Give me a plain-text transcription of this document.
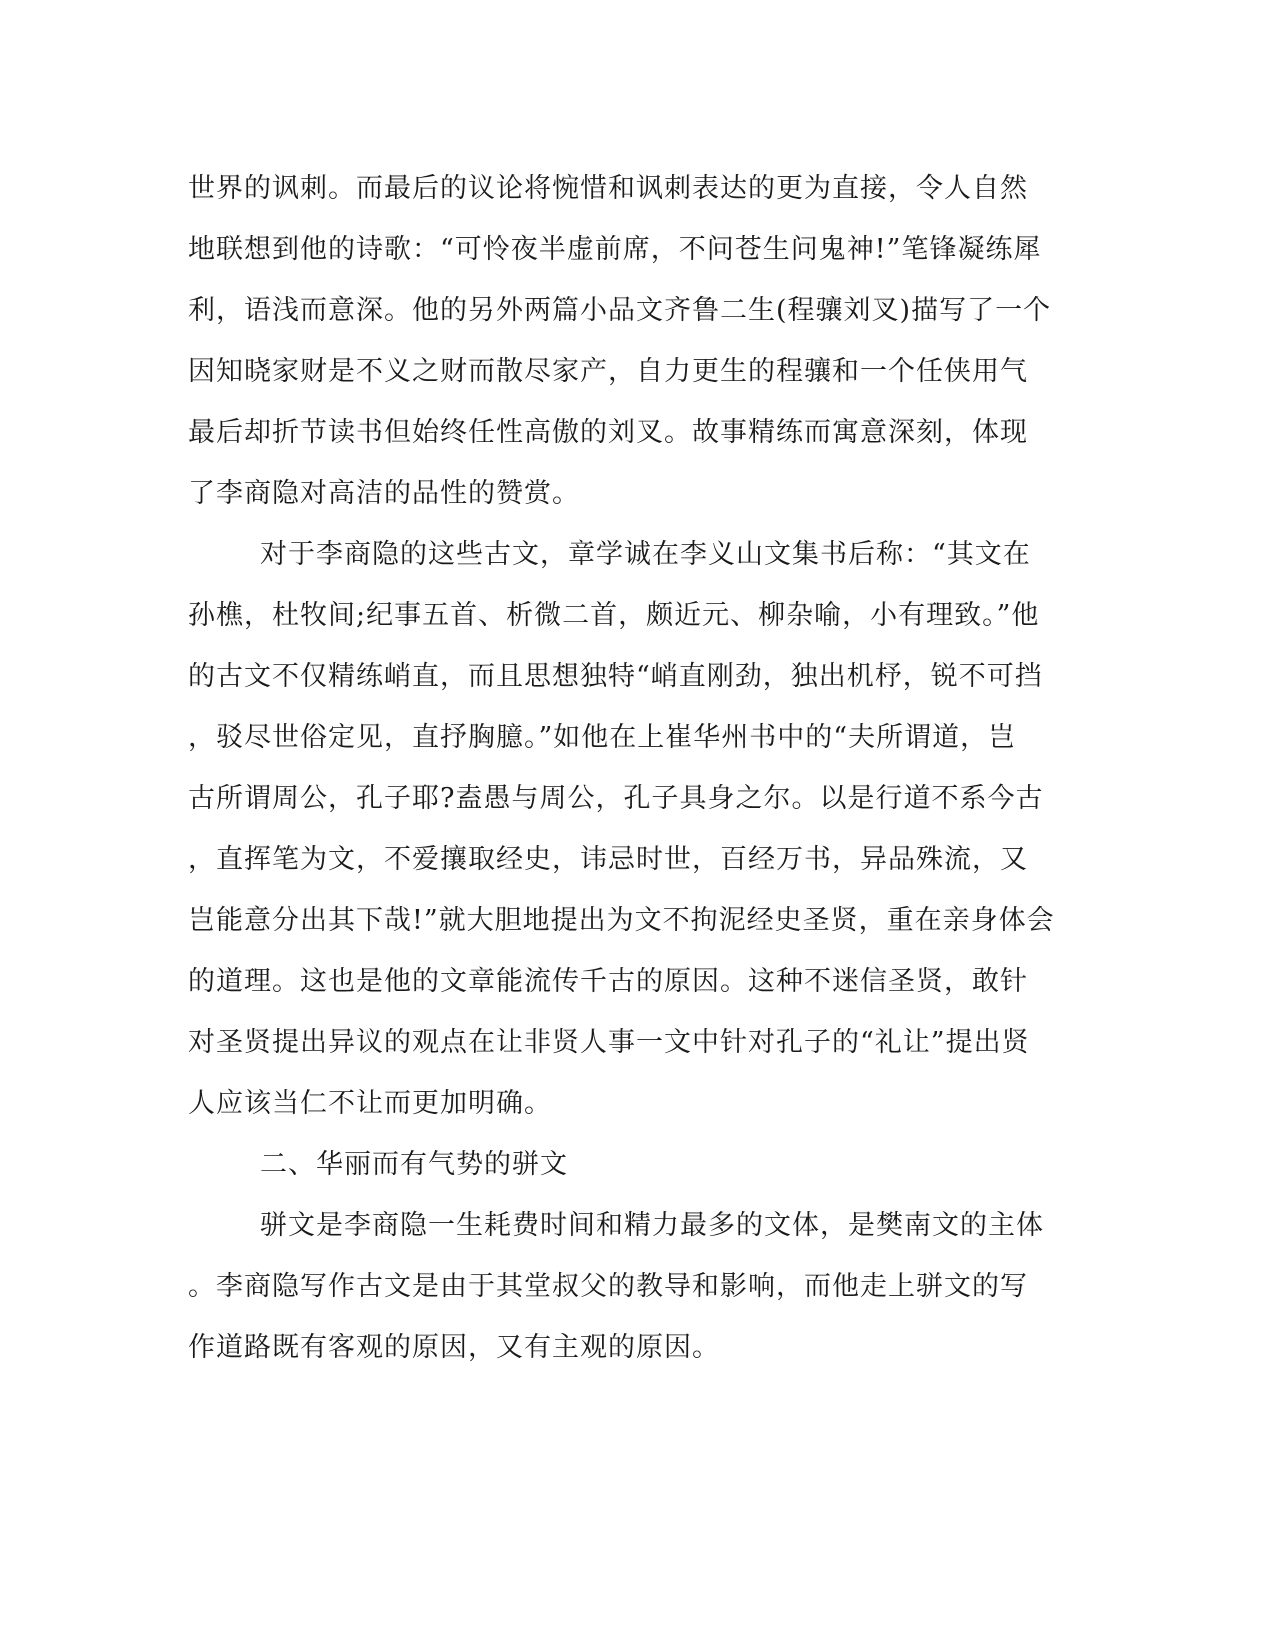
世界的讽刺。而最后的议论将惋惜和讽刺表达的更为直接，令人自然
地联想到他的诗歌：“可怜夜半虚前席，不问苍生问鬼神!”笔锋凝练犀
利，语浅而意深。他的另外两篇小品文齐鲁二生(程骧刘叉)描写了一个
因知晓家财是不义之财而散尽家产，自力更生的程骧和一个任侠用气
最后却折节读书但始终任性高傲的刘叉。故事精练而寓意深刻，体现
了李商隐对高洁的品性的赞赏。
对于李商隐的这些古文，章学诚在李义山文集书后称：“其文在
孙樵，杜牧间;纪事五首、析微二首，颇近元、柳杂喻，小有理致。”他
的古文不仅精练峭直，而且思想独特“峭直刚劲，独出机杼，锐不可挡
，驳尽世俗定见，直抒胸臆。”如他在上崔华州书中的“夫所谓道，岂
古所谓周公，孔子耶?盍愚与周公，孔子具身之尔。以是行道不系今古
，直挥笔为文，不爱攘取经史，讳忌时世，百经万书，异品殊流，又
岂能意分出其下哉!”就大胆地提出为文不拘泥经史圣贤，重在亲身体会
的道理。这也是他的文章能流传千古的原因。这种不迷信圣贤，敢针
对圣贤提出异议的观点在让非贤人事一文中针对孔子的“礼让”提出贤
人应该当仁不让而更加明确。
二、华丽而有气势的骈文
骈文是李商隐一生耗费时间和精力最多的文体，是樊南文的主体
。李商隐写作古文是由于其堂叔父的教导和影响，而他走上骈文的写
作道路既有客观的原因，又有主观的原因。
